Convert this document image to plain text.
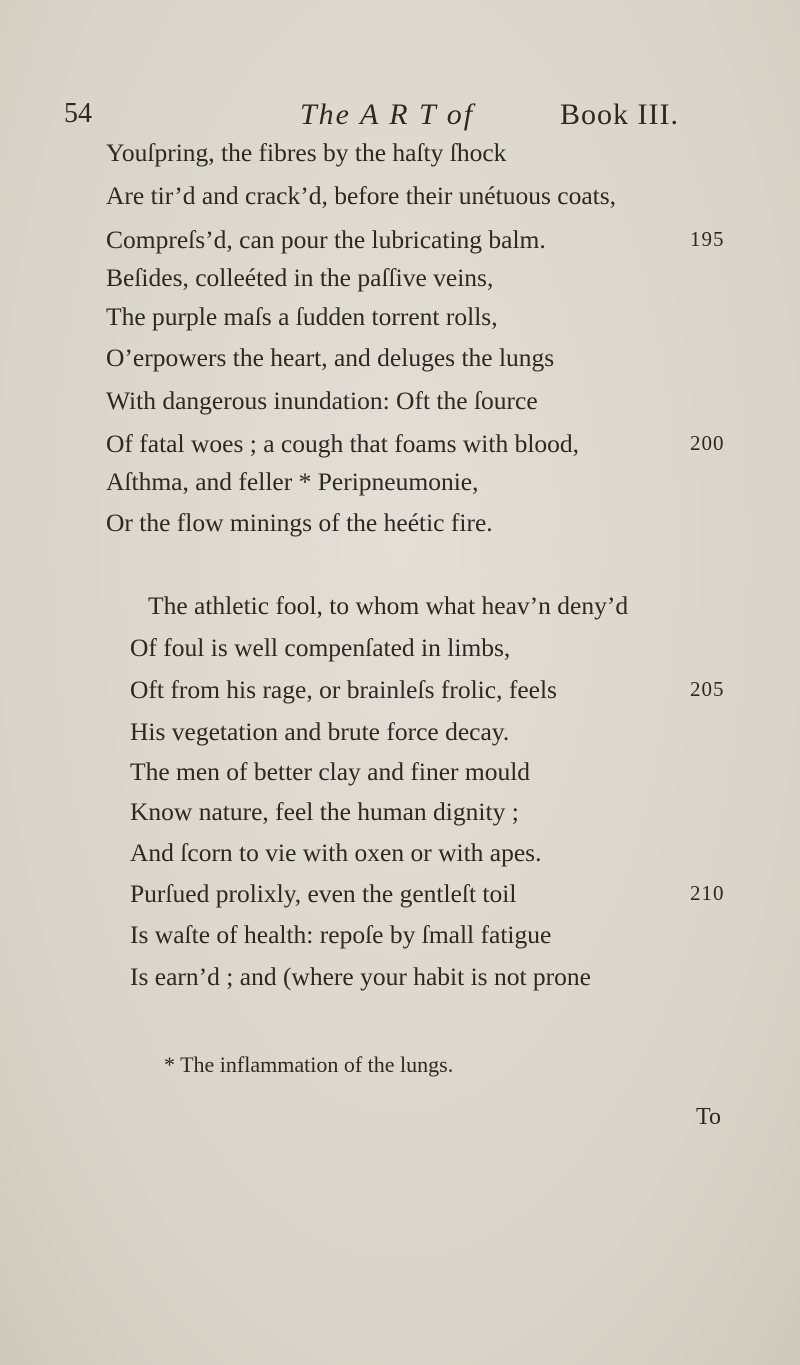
54	The A R T of	Book III.
Youſpring, the fibres by the haſty ſhock
Are tir’d and crack’d, before their unétuous coats,
Compreſs’d, can pour the lubricating balm.	195
Beſides, colleéted in the paſſive veins,
The purple maſs a ſudden torrent rolls,
O’erpowers the heart, and deluges the lungs
With dangerous inundation: Oft the ſource
Of fatal woes ; a cough that foams with blood,	200
Aſthma, and feller * Peripneumonie,
Or the flow minings of the heétic fire.
The athletic fool, to whom what heav’n deny’d
Of foul is well compenſated in limbs,
Oft from his rage, or brainleſs frolic, feels	205
His vegetation and brute force decay.
The men of better clay and finer mould
Know nature, feel the human dignity ;
And ſcorn to vie with oxen or with apes.
Purſued prolixly, even the gentleſt toil	210
Is waſte of health: repoſe by ſmall fatigue
Is earn’d ; and (where your habit is not prone
* The inflammation of the lungs.
To
